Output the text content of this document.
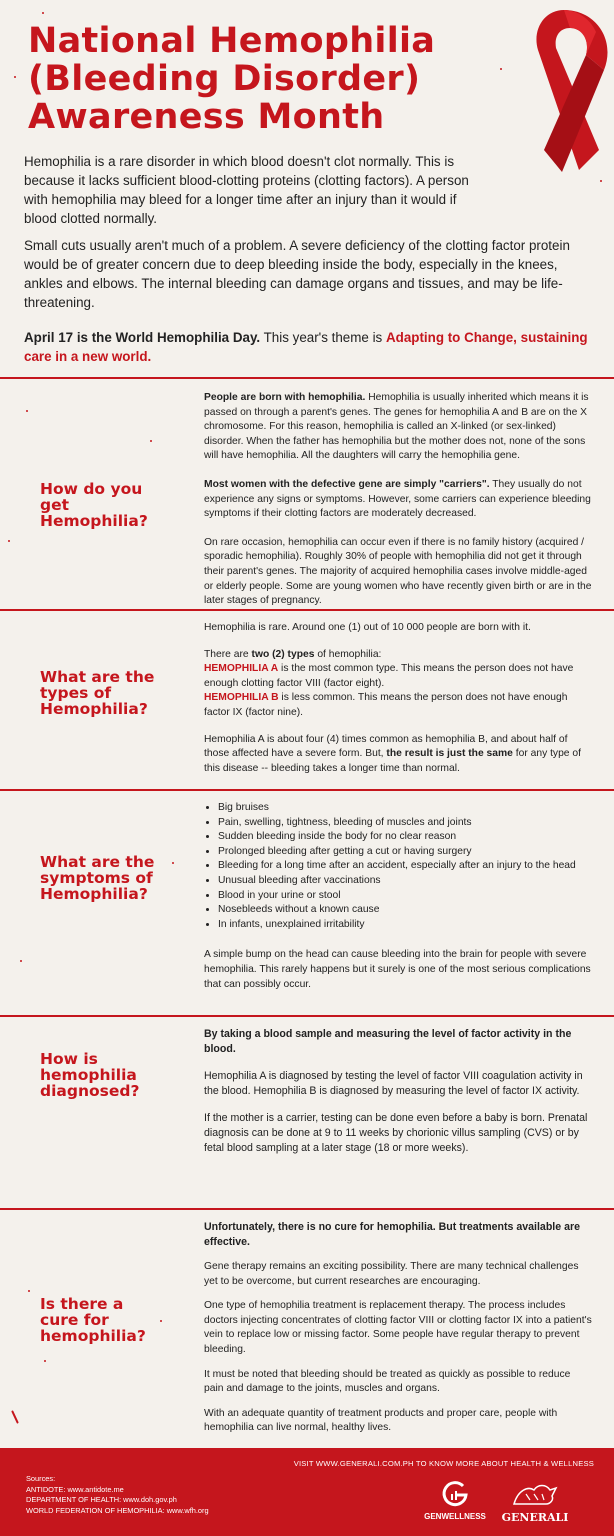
National Hemophilia
(Bleeding Disorder)
Awareness Month

Hemophilia is a rare disorder in which blood doesn't clot normally. This is because it lacks sufficient blood-clotting proteins (clotting factors). A person with hemophilia may bleed for a longer time after an injury than it would if blood clotted normally.

Small cuts usually aren't much of a problem. A severe deficiency of the clotting factor protein would be of greater concern due to deep bleeding inside the body, especially in the knees, ankles and elbows. The internal bleeding can damage organs and tissues, and may be life-threatening.

April 17 is the World Hemophilia Day. This year's theme is Adapting to Change, sustaining care in a new world.

How do you get Hemophilia?

People are born with hemophilia. Hemophilia is usually inherited which means it is passed on through a parent's genes. The genes for hemophilia A and B are on the X chromosome. For this reason, hemophilia is called an X-linked (or sex-linked) disorder. When the father has hemophilia but the mother does not, none of the sons will have hemophilia. All the daughters will carry the hemophilia gene.

Most women with the defective gene are simply "carriers". They usually do not experience any signs or symptoms. However, some carriers can experience bleeding symptoms if their clotting factors are moderately decreased.

On rare occasion, hemophilia can occur even if there is no family history (acquired / sporadic hemophilia). Roughly 30% of people with hemophilia did not get it through their parent's genes. The majority of acquired hemophilia cases involve middle-aged or elderly people. Some are young women who have recently given birth or are in the later stages of pregnancy.

What are the types of Hemophilia?

Hemophilia is rare. Around one (1) out of 10 000 people are born with it.

There are two (2) types of hemophilia:
HEMOPHILIA A is the most common type. This means the person does not have enough clotting factor VIII (factor eight).
HEMOPHILIA B is less common. This means the person does not have enough factor IX (factor nine).

Hemophilia A is about four (4) times common as hemophilia B, and about half of those affected have a severe form. But, the result is just the same for any type of this disease -- bleeding takes a longer time than normal.

What are the symptoms of Hemophilia?
• Big bruises
• Pain, swelling, tightness, bleeding of muscles and joints
• Sudden bleeding inside the body for no clear reason
• Prolonged bleeding after getting a cut or having surgery
• Bleeding for a long time after an accident, especially after an injury to the head
• Unusual bleeding after vaccinations
• Blood in your urine or stool
• Nosebleeds without a known cause
• In infants, unexplained irritability

A simple bump on the head can cause bleeding into the brain for people with severe hemophilia. This rarely happens but it surely is one of the most serious complications that can possibly occur.

How is hemophilia diagnosed?

By taking a blood sample and measuring the level of factor activity in the blood.

Hemophilia A is diagnosed by testing the level of factor VIII coagulation activity in the blood. Hemophilia B is diagnosed by measuring the level of factor IX activity.

If the mother is a carrier, testing can be done even before a baby is born. Prenatal diagnosis can be done at 9 to 11 weeks by chorionic villus sampling (CVS) or by fetal blood sampling at a later stage (18 or more weeks).

Is there a cure for hemophilia?

Unfortunately, there is no cure for hemophilia. But treatments available are effective.

Gene therapy remains an exciting possibility. There are many technical challenges yet to be overcome, but current researches are encouraging.

One type of hemophilia treatment is replacement therapy. The process includes doctors injecting concentrates of clotting factor VIII or clotting factor IX into a patient's vein to replace low or missing factor. Some people have regular therapy to prevent bleeding.

It must be noted that bleeding should be treated as quickly as possible to reduce pain and damage to the joints, muscles and organs.

With an adequate quantity of treatment products and proper care, people with hemophilia can live normal, healthy lives.

VISIT WWW.GENERALI.COM.PH TO KNOW MORE ABOUT HEALTH & WELLNESS
Sources:
ANTIDOTE: www.antidote.me
DEPARTMENT OF HEALTH: www.doh.gov.ph
WORLD FEDERATION OF HEMOPHILIA: www.wfh.org
GENWELLNESS	GENERALI
